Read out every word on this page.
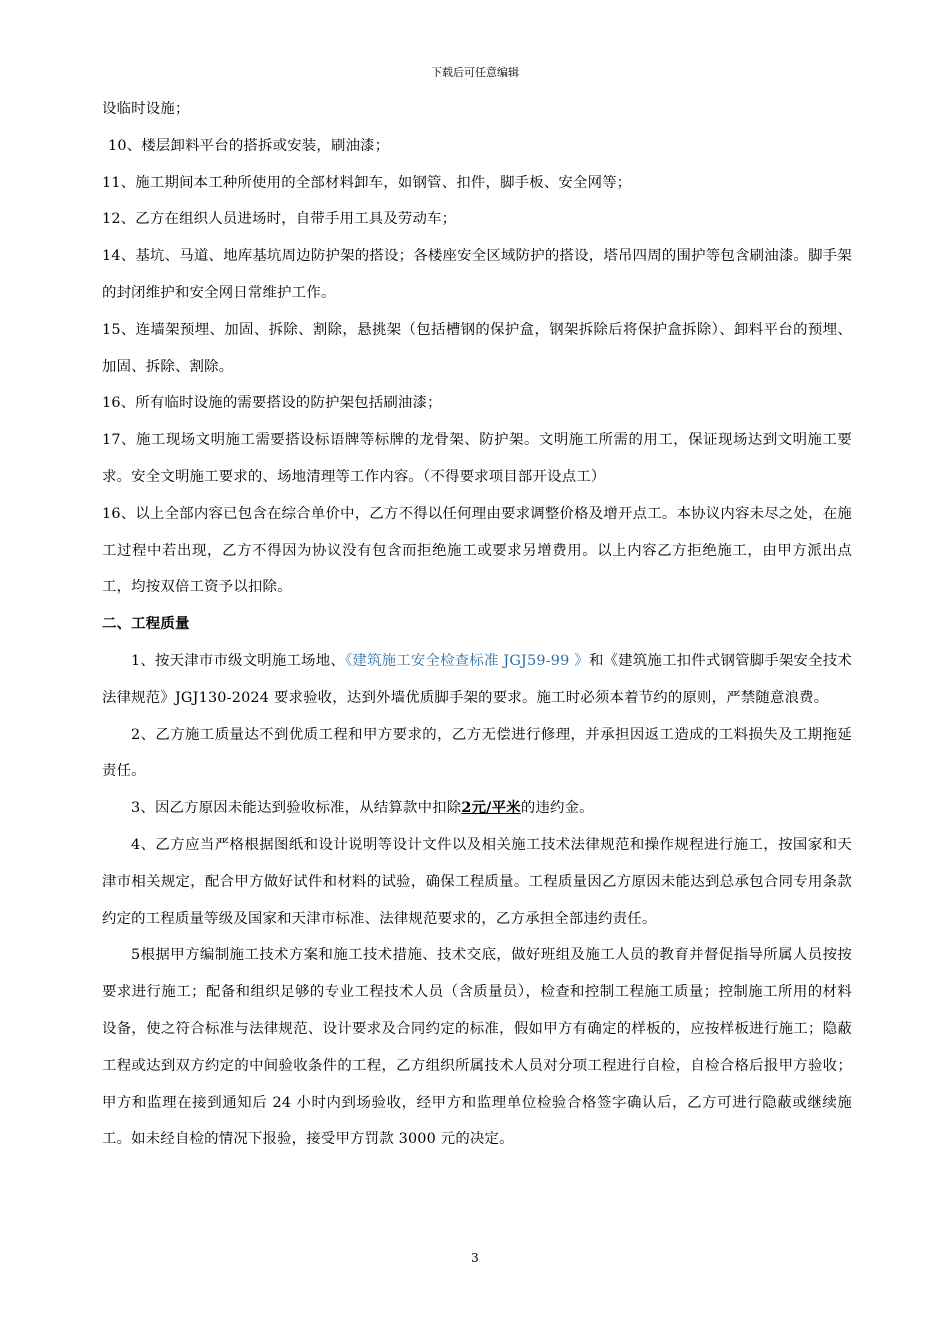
下载后可任意编辑

设临时设施；

10、楼层卸料平台的搭拆或安装，刷油漆；

11、施工期间本工种所使用的全部材料卸车，如钢管、扣件，脚手板、安全网等；

12、乙方在组织人员进场时，自带手用工具及劳动车；

14、基坑、马道、地库基坑周边防护架的搭设；各楼座安全区域防护的搭设，塔吊四周的围护等包含刷油漆。脚手架的封闭维护和安全网日常维护工作。

15、连墙架预埋、加固、拆除、割除，悬挑架（包括槽钢的保护盒，钢架拆除后将保护盒拆除）、卸料平台的预埋、加固、拆除、割除。

16、所有临时设施的需要搭设的防护架包括刷油漆；

17、施工现场文明施工需要搭设标语牌等标牌的龙骨架、防护架。文明施工所需的用工，保证现场达到文明施工要求。安全文明施工要求的、场地清理等工作内容。（不得要求项目部开设点工）

16、以上全部内容已包含在综合单价中，乙方不得以任何理由要求调整价格及增开点工。本协议内容未尽之处，在施工过程中若出现，乙方不得因为协议没有包含而拒绝施工或要求另增费用。以上内容乙方拒绝施工，由甲方派出点工，均按双倍工资予以扣除。

二、工程质量

1、按天津市市级文明施工场地、《建筑施工安全检查标准 JGJ59-99 》和《建筑施工扣件式钢管脚手架安全技术法律规范》JGJ130-2024 要求验收，达到外墙优质脚手架的要求。施工时必须本着节约的原则，严禁随意浪费。

2、乙方施工质量达不到优质工程和甲方要求的，乙方无偿进行修理，并承担因返工造成的工料损失及工期拖延责任。

3、因乙方原因未能达到验收标准，从结算款中扣除2元/平米的违约金。

4、乙方应当严格根据图纸和设计说明等设计文件以及相关施工技术法律规范和操作规程进行施工，按国家和天津市相关规定，配合甲方做好试件和材料的试验，确保工程质量。工程质量因乙方原因未能达到总承包合同专用条款约定的工程质量等级及国家和天津市标准、法律规范要求的，乙方承担全部违约责任。

5根据甲方编制施工技术方案和施工技术措施、技术交底，做好班组及施工人员的教育并督促指导所属人员按按要求进行施工；配备和组织足够的专业工程技术人员（含质量员），检查和控制工程施工质量；控制施工所用的材料设备，使之符合标准与法律规范、设计要求及合同约定的标准，假如甲方有确定的样板的，应按样板进行施工；隐蔽工程或达到双方约定的中间验收条件的工程，乙方组织所属技术人员对分项工程进行自检，自检合格后报甲方验收；甲方和监理在接到通知后 24 小时内到场验收，经甲方和监理单位检验合格签字确认后，乙方可进行隐蔽或继续施工。如未经自检的情况下报验，接受甲方罚款 3000 元的决定。

3
